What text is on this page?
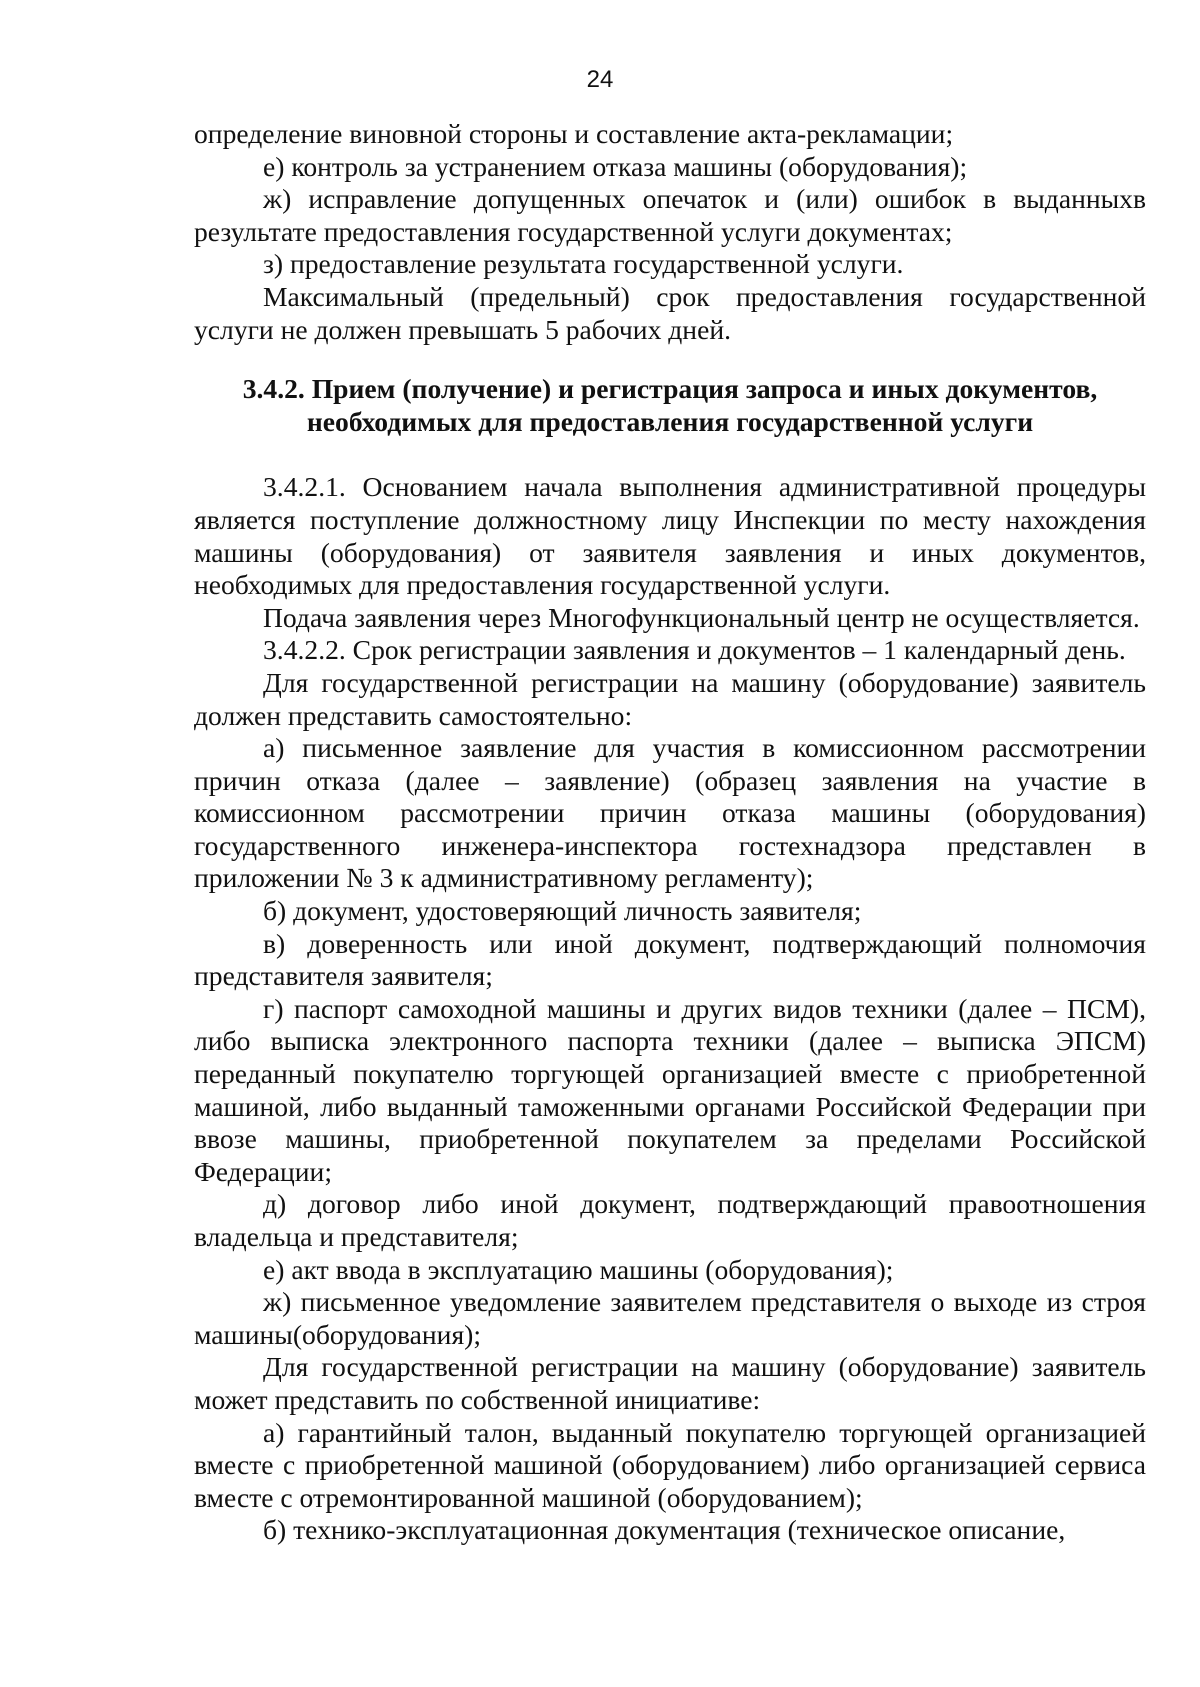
24

определение виновной стороны и составление акта-рекламации;

е) контроль за устранением отказа машины (оборудования);

ж) исправление допущенных опечаток и (или) ошибок в выданныхв результате предоставления государственной услуги документах;

з) предоставление результата государственной услуги.

Максимальный (предельный) срок предоставления государственной услуги не должен превышать 5 рабочих дней.

3.4.2. Прием (получение) и регистрация запроса и иных документов,
необходимых для предоставления государственной услуги

3.4.2.1. Основанием начала выполнения административной процедуры является поступление должностному лицу Инспекции по месту нахождения машины (оборудования) от заявителя заявления и иных документов, необходимых для предоставления государственной услуги.

Подача заявления через Многофункциональный центр не осуществляется.

3.4.2.2. Срок регистрации заявления и документов – 1 календарный день.

Для государственной регистрации на машину (оборудование) заявитель должен представить самостоятельно:

а) письменное заявление для участия в комиссионном рассмотрении причин отказа (далее – заявление) (образец заявления на участие в комиссионном рассмотрении причин отказа машины (оборудования) государственного инженера-инспектора гостехнадзора представлен в приложении № 3 к административному регламенту);

б) документ, удостоверяющий личность заявителя;

в) доверенность или иной документ, подтверждающий полномочия представителя заявителя;

г) паспорт самоходной машины и других видов техники (далее – ПСМ), либо выписка электронного паспорта техники (далее – выписка ЭПСМ) переданный покупателю торгующей организацией вместе с приобретенной машиной, либо выданный таможенными органами Российской Федерации при ввозе машины, приобретенной покупателем за пределами Российской Федерации;

д) договор либо иной документ, подтверждающий правоотношения владельца и представителя;

е) акт ввода в эксплуатацию машины (оборудования);

ж) письменное уведомление заявителем представителя о выходе из строя машины(оборудования);

Для государственной регистрации на машину (оборудование) заявитель может представить по собственной инициативе:

а) гарантийный талон, выданный покупателю торгующей организацией вместе с приобретенной машиной (оборудованием) либо организацией сервиса вместе с отремонтированной машиной (оборудованием);

б) технико-эксплуатационная документация (техническое описание,
